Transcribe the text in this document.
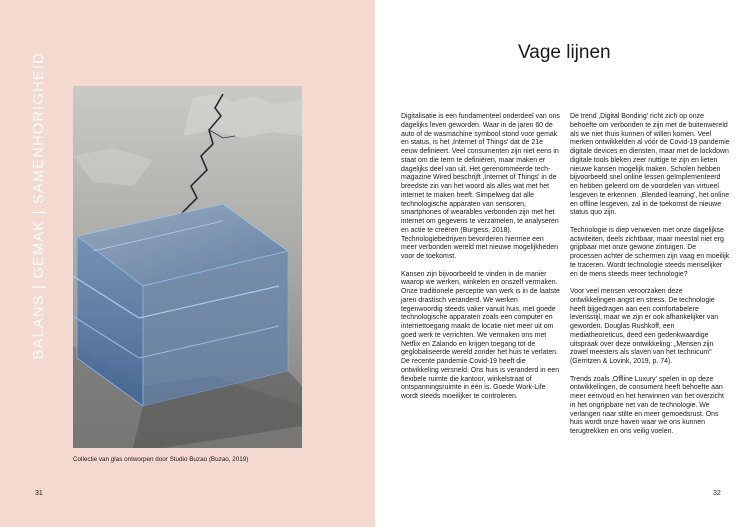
BALANS | GEMAK | SAMENHORIGHEID
Collectie van glas ontworpen door Studio Buzao (Buzao, 2019)
31
Vage lijnen

Digitalisatie is een fundamenteel onderdeel van ons dagelijks leven geworden. Waar in de jaren 60 de auto of de wasmachine symbool stond voor gemak en status, is het ‚Internet of Things' dat de 21e eeuw definieert. Veel consumenten zijn niet eens in staat om die term te definiëren, maar maken er dagelijks deel van uit. Het gerenommeerde tech-magazine Wired beschrijft ‚Internet of Things' in de breedste zin van het woord als alles wat met het internet te maken heeft. Simpelweg dat alle technologische apparaten van sensoren, smartphones of wearables verbonden zijn met het internet om gegevens te verzamelen, te analyseren en actie te creëren (Burgess, 2018). Technologiebedrijven bevorderen hiermee een meer verbonden wereld met nieuwe mogelijkheden voor de toekomst.

Kansen zijn bijvoorbeeld te vinden in de manier waarop we werken, winkelen en onszelf vermaken. Onze traditionele perceptie van werk is in de laatste jaren drastisch veranderd. We werken tegenwoordig steeds vaker vanuit huis, met goede technologische apparaten zoals een computer en internettoegang maakt de locatie niet meer uit om goed werk te verrichten. We vermaken ons met Netflix en Zalando en krijgen toegang tot de geglobaliseerde wereld zonder het huis te verlaten. De recente pandemie Covid-19 heeft die ontwikkeling versneld. Ons huis is veranderd in een flexibele ruimte die kantoor, winkelstraat of ontspanningsruimte in één is. Goede Work-Life wordt steeds moeilijker te controleren.

De trend ‚Digital Bonding' richt zich op onze behoefte om verbonden te zijn met de buitenwereld als we niet thuis kunnen of willen komen. Veel merken ontwikkelden al vóór de Covid-19 pandemie digitale devices en diensten, maar met de lockdown digitale tools bleken zeer nuttige te zijn en lieten nieuwe kansen mogelijk maken. Scholen hebben bijvoorbeeld snel online lessen geïmplementeerd en hebben geleerd om de voordelen van virtueel lesgeven te erkennen. ‚Blended learning', het online en offline lesgeven, zal in de toekomst de nieuwe status quo zijn.

Technologie is diep verweven met onze dagelijkse activiteiten, deels zichtbaar, maar meestal niet erg grijpbaar met onze gewone zintuigen. De processen achter de schermen zijn vaag en moeilijk te traceren. Wordt technologie steeds menselijker en de mens steeds meer technologie?

Voor veel mensen veroorzaken deze ontwikkelingen angst en stress. De technologie heeft bijgedragen aan een comfortabelere levensstijl, maar we zijn er ook afhankelijker van geworden. Douglas Rushkoff, een mediatheoreticus, deed een gedenkwaardige uitspraak over deze ontwikkeling: „Mensen zijn zowel meesters als slaven van het technicum" (Gerritzen & Lovink, 2019, p. 74).

Trends zoals ‚Offline Luxury' spelen in op deze ontwikkelingen, de consument heeft behoefte aan meer eenvoud en het herwinnen van het overzicht in het ongrijpbare net van de technologie. We verlangen naar stilte en meer gemoedsrust. Ons huis wordt onze haven waar we ons kunnen terugtrekken en ons veilig voelen.

32
